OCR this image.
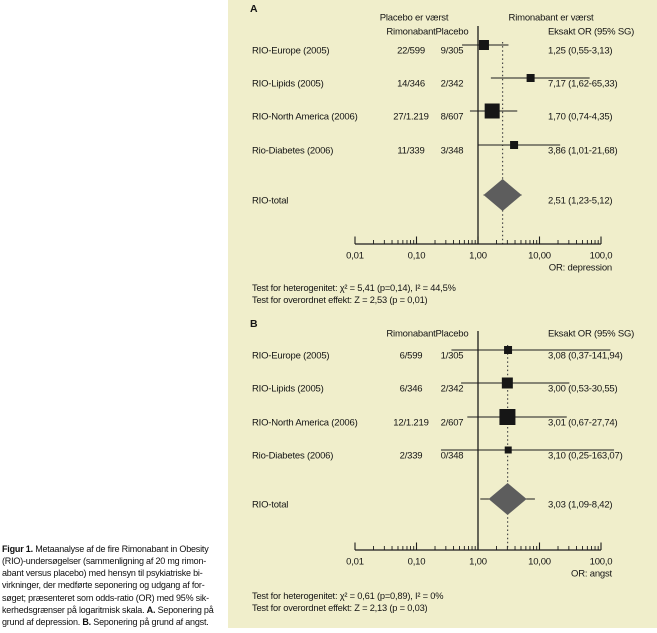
Figur 1. Metaanalyse af de fire Rimonabant in Obesity
(RIO)-undersøgelser (sammenligning af 20 mg rimon-
abant versus placebo) med hensyn til psykiatriske bi-
virkninger, der medførte seponering og udgang af for-
søget; præsenteret som odds-ratio (OR) med 95% sik-
kerhedsgrænser på logaritmisk skala. A. Seponering på
grund af depression. B. Seponering på grund af angst.
A
Placebo er værst	Rimonabant er værst
Rimonabant Placebo	Eksakt OR (95% SG)
RIO-Europe (2005)	22/599 9/305	1,25 (0,55-3,13)
RIO-Lipids (2005)	14/346 2/342	7,17 (1,62-65,33)
RIO-North America (2006)	27/1.219 8/607	1,70 (0,74-4,35)
Rio-Diabetes (2006)	11/339 3/348	3,86 (1,01-21,68)
RIO-total	2,51 (1,23-5,12)
0,01	0,10	1,00	10,00	100,0
OR: depression
Test for heterogenitet: χ² = 5,41 (p=0,14), I² = 44,5%
Test for overordnet effekt: Z = 2,53 (p = 0,01)
B
Rimonabant Placebo	Eksakt OR (95% SG)
RIO-Europe (2005)	6/599 1/305	3,08 (0,37-141,94)
RIO-Lipids (2005)	6/346 2/342	3,00 (0,53-30,55)
RIO-North America (2006)	12/1.219 2/607	3,01 (0,67-27,74)
Rio-Diabetes (2006)	2/339 0/348	3,10 (0,25-163,07)
RIO-total	3,03 (1,09-8,42)
0,01	0,10	1,00	10,00	100,0
OR: angst
Test for heterogenitet: χ² = 0,61 (p=0,89), I² = 0%
Test for overordnet effekt: Z = 2,13 (p = 0,03)
